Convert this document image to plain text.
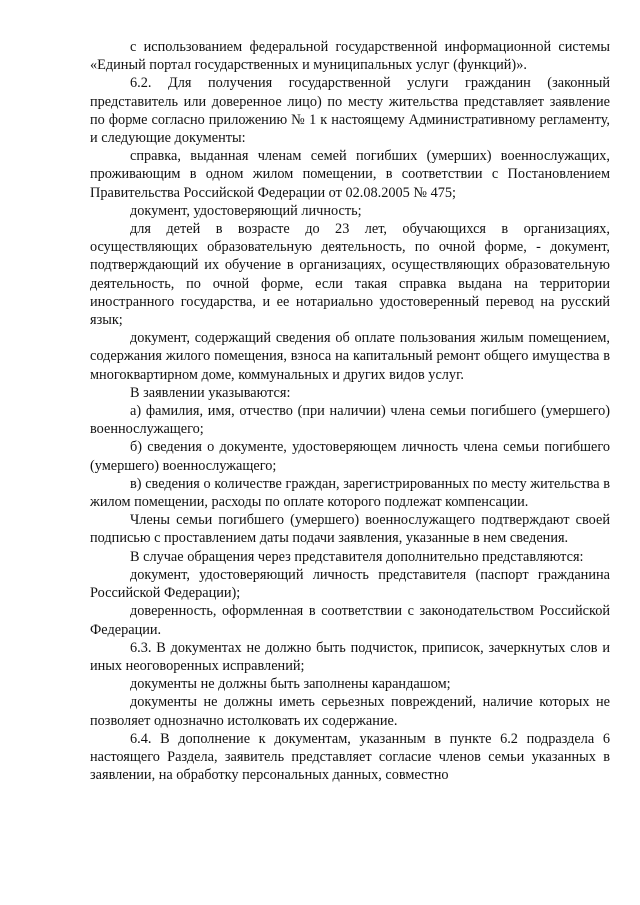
с использованием федеральной государственной информационной системы «Единый портал государственных и муниципальных услуг (функций)».

6.2. Для получения государственной услуги гражданин (законный представитель или доверенное лицо) по месту жительства представляет заявление по форме согласно приложению № 1 к настоящему Административному регламенту, и следующие документы:

справка, выданная членам семей погибших (умерших) военнослужащих, проживающим в одном жилом помещении, в соответствии с Постановлением Правительства Российской Федерации от 02.08.2005 № 475;

документ, удостоверяющий личность;

для детей в возрасте до 23 лет, обучающихся в организациях, осуществляющих образовательную деятельность, по очной форме, - документ, подтверждающий их обучение в организациях, осуществляющих образовательную деятельность, по очной форме, если такая справка выдана на территории иностранного государства, и ее нотариально удостоверенный перевод на русский язык;

документ, содержащий сведения об оплате пользования жилым помещением, содержания жилого помещения, взноса на капитальный ремонт общего имущества в многоквартирном доме, коммунальных и других видов услуг.

В заявлении указываются:

а) фамилия, имя, отчество (при наличии) члена семьи погибшего (умершего) военнослужащего;

б) сведения о документе, удостоверяющем личность члена семьи погибшего (умершего) военнослужащего;

в) сведения о количестве граждан, зарегистрированных по месту жительства в жилом помещении, расходы по оплате которого подлежат компенсации.

Члены семьи погибшего (умершего) военнослужащего подтверждают своей подписью с проставлением даты подачи заявления, указанные в нем сведения.

В случае обращения через представителя дополнительно представляются:

документ, удостоверяющий личность представителя (паспорт гражданина Российской Федерации);

доверенность, оформленная в соответствии с законодательством Российской Федерации.

6.3. В документах не должно быть подчисток, приписок, зачеркнутых слов и иных неоговоренных исправлений;

документы не должны быть заполнены карандашом;

документы не должны иметь серьезных повреждений, наличие которых не позволяет однозначно истолковать их содержание.

6.4. В дополнение к документам, указанным в пункте 6.2 подраздела 6 настоящего Раздела, заявитель представляет согласие членов семьи указанных в заявлении, на обработку персональных данных, совместно
